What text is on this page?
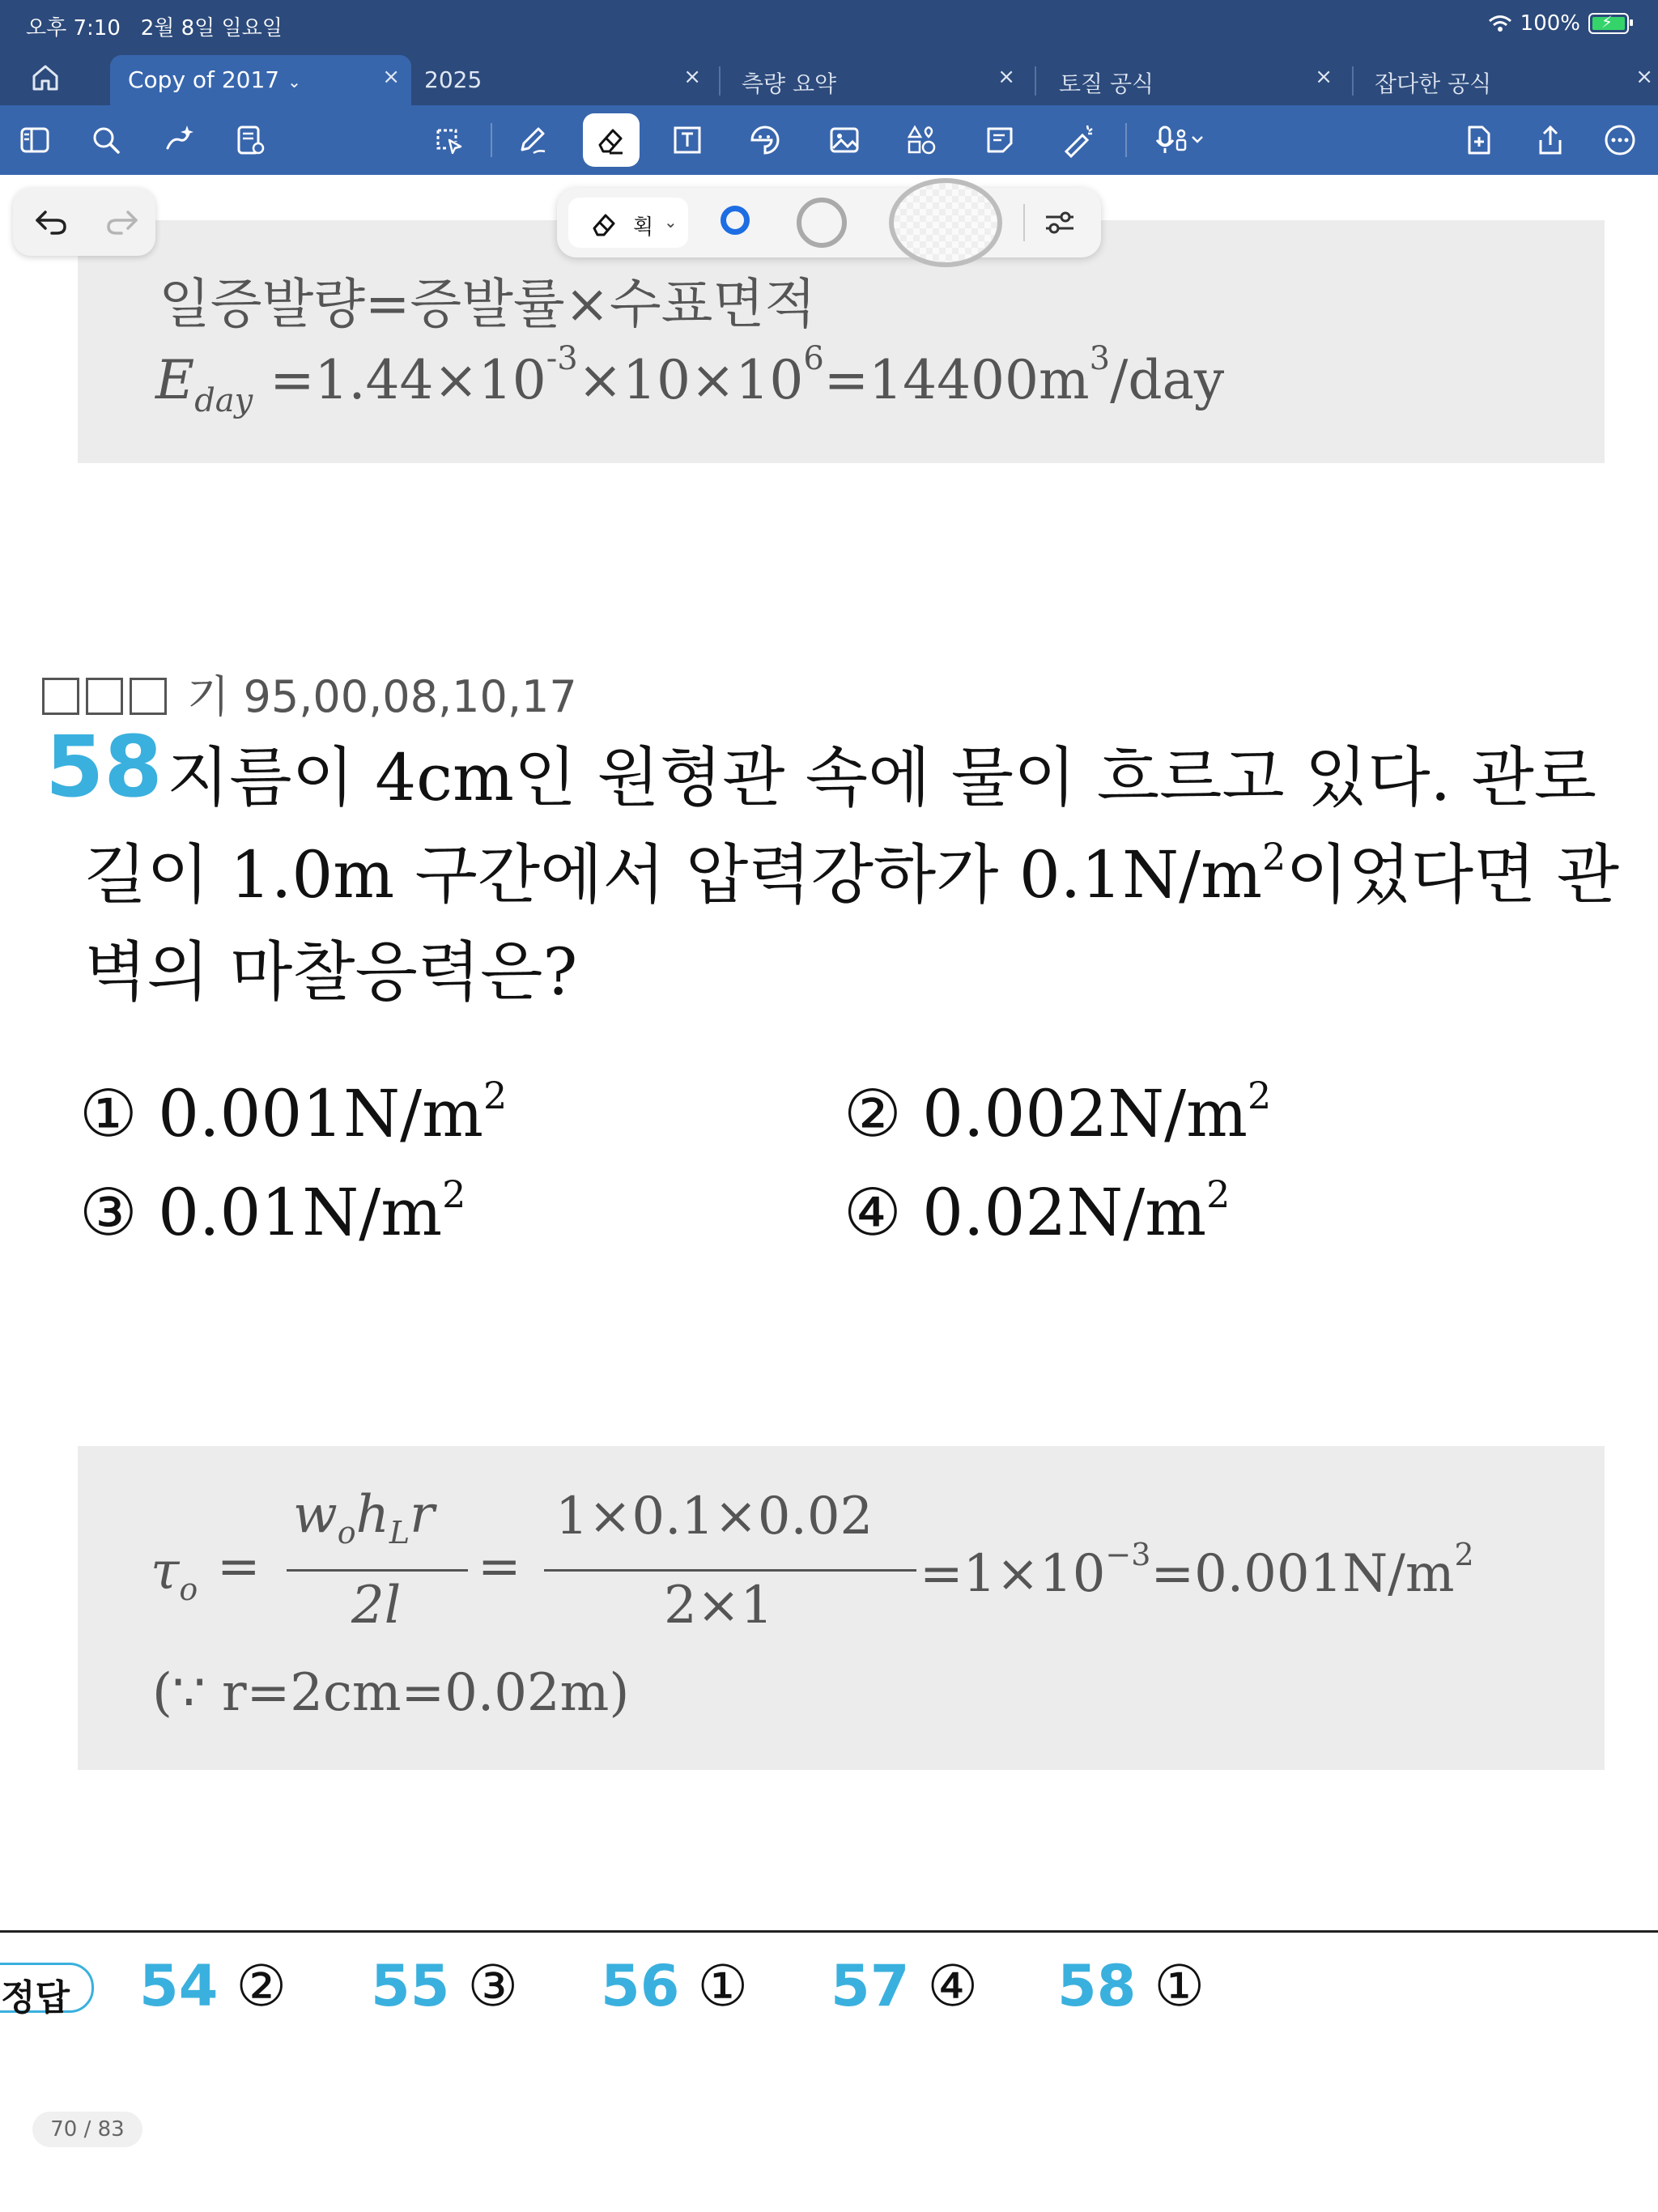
오후 7:10 2월 8일 일요일	100% ⚡
Copy of 2017 ⌄	× 2025	× 측량 요약	× 토질 공식	× 잡다한 공식	×
일증발량=증발률×수표면적
$E_{day} =1.44\times 10^{-3}\times 10\times 10^6=14400m^3/day$
기 95,00,08,10,17
58 지름이 4cm인 원형관 속에 물이 흐르고 있다. 관로
길이 1.0m 구간에서 압력강하가 $0.1N/m^2$이었다면 관
벽의 마찰응력은?
① $0.001N/m^2$	② $0.002N/m^2$
③ $0.01N/m^2$	④ $0.02N/m^2$
$\tau_o$ =
$w_oh_Lr$
2l
=
1×0.1×0.02
2×1
$=1\times 10^{-3}=0.001N/m^2$
(∵ r=2cm=0.02m)
정답 54 ② 55 ③ 56 ① 57 ④ 58 ①
70 / 83
획 ⌄
